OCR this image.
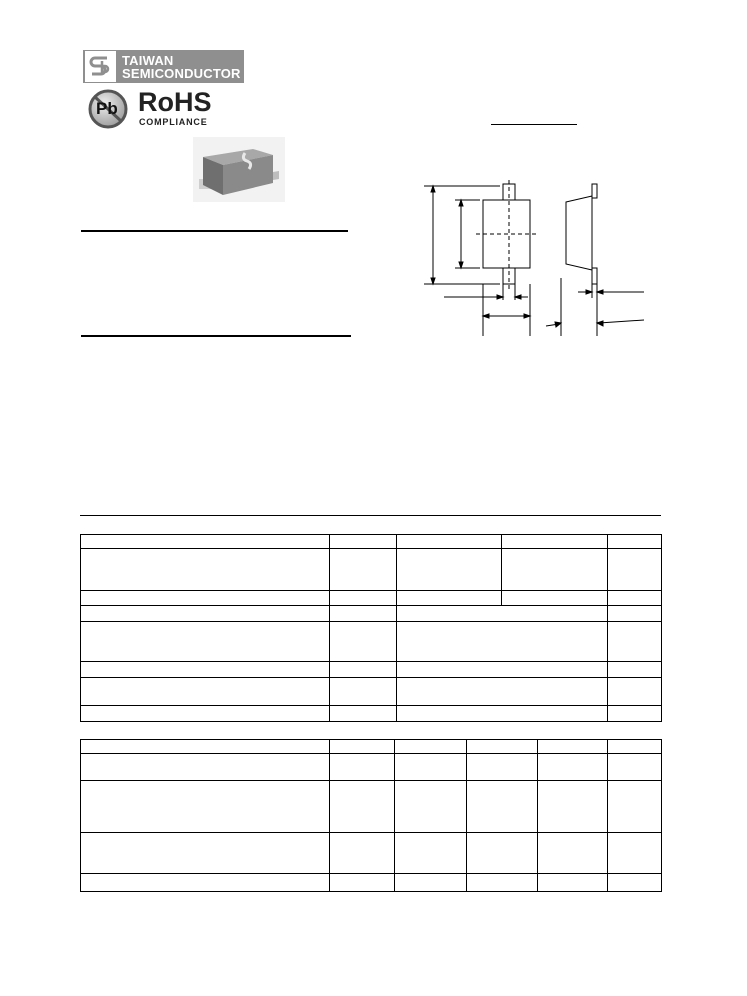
TAIWAN
SEMICONDUCTOR
Pb RoHS
COMPLIANCE
